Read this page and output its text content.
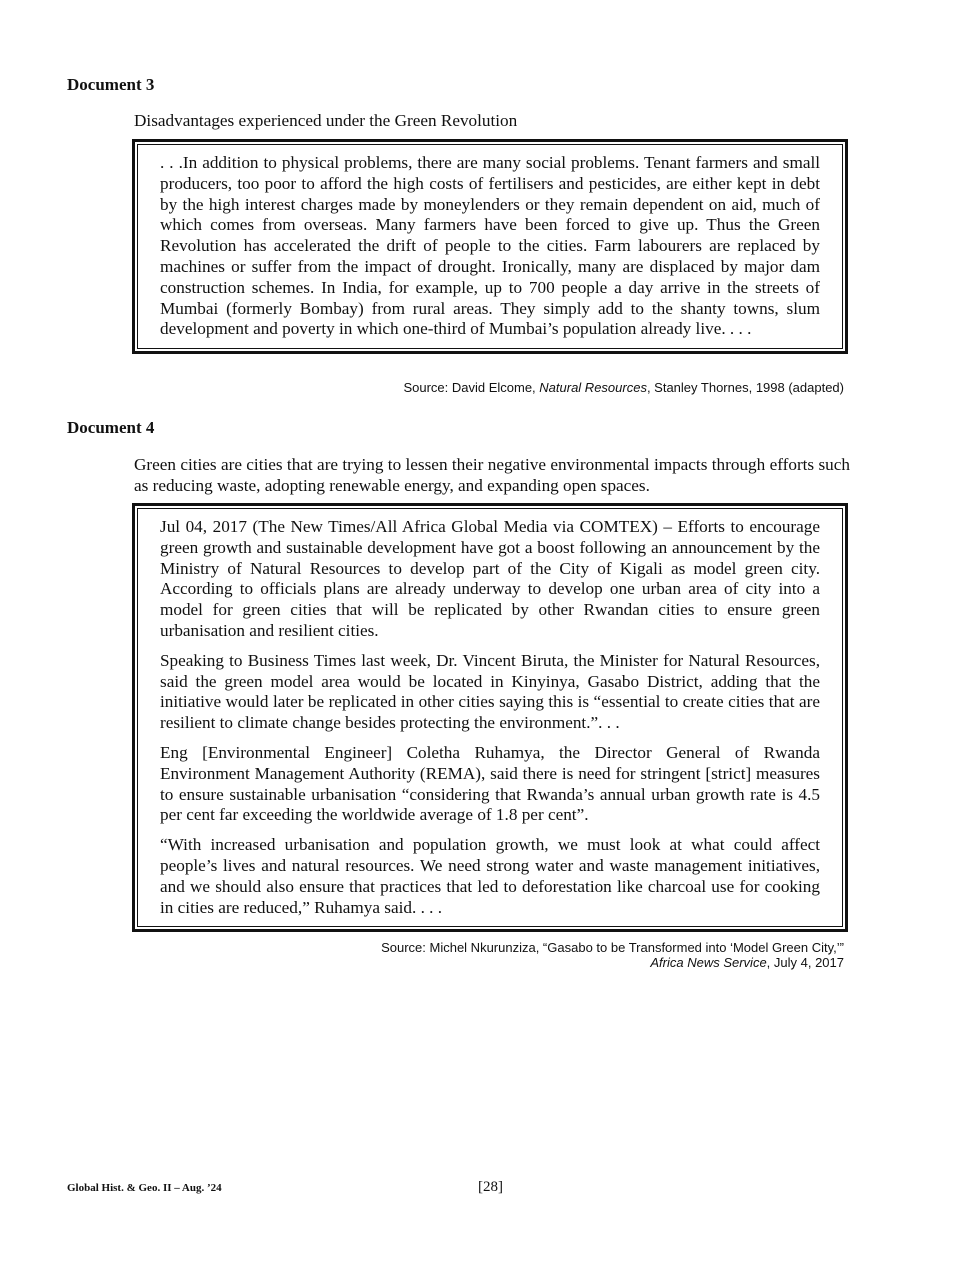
Document 3
Disadvantages experienced under the Green Revolution

. . .In addition to physical problems, there are many social problems. Tenant farmers and small producers, too poor to afford the high costs of fertilisers and pesticides, are either kept in debt by the high interest charges made by moneylenders or they remain dependent on aid, much of which comes from overseas. Many farmers have been forced to give up. Thus the Green Revolution has accelerated the drift of people to the cities. Farm labourers are replaced by machines or suffer from the impact of drought. Ironically, many are displaced by major dam construction schemes. In India, for example, up to 700 people a day arrive in the streets of Mumbai (formerly Bombay) from rural areas. They simply add to the shanty towns, slum development and poverty in which one-third of Mumbai’s population already live. . . .

Source: David Elcome, Natural Resources, Stanley Thornes, 1998 (adapted)
Document 4
Green cities are cities that are trying to lessen their negative environmental impacts through efforts such as reducing waste, adopting renewable energy, and expanding open spaces.

Jul 04, 2017 (The New Times/All Africa Global Media via COMTEX) – Efforts to encourage green growth and sustainable development have got a boost following an announcement by the Ministry of Natural Resources to develop part of the City of Kigali as model green city. According to officials plans are already underway to develop one urban area of city into a model for green cities that will be replicated by other Rwandan cities to ensure green urbanisation and resilient cities.

Speaking to Business Times last week, Dr. Vincent Biruta, the Minister for Natural Resources, said the green model area would be located in Kinyinya, Gasabo District, adding that the initiative would later be replicated in other cities saying this is “essential to create cities that are resilient to climate change besides protecting the environment.”. . .

Eng [Environmental Engineer] Coletha Ruhamya, the Director General of Rwanda Environment Management Authority (REMA), said there is need for stringent [strict] measures to ensure sustainable urbanisation “considering that Rwanda’s annual urban growth rate is 4.5 per cent far exceeding the worldwide average of 1.8 per cent”.

“With increased urbanisation and population growth, we must look at what could affect people’s lives and natural resources. We need strong water and waste management initiatives, and we should also ensure that practices that led to deforestation like charcoal use for cooking in cities are reduced,” Ruhamya said. . . .

Source: Michel Nkurunziza, “Gasabo to be Transformed into ‘Model Green City,’”
Africa News Service, July 4, 2017
Global Hist. & Geo. II – Aug. ’24	[28]
